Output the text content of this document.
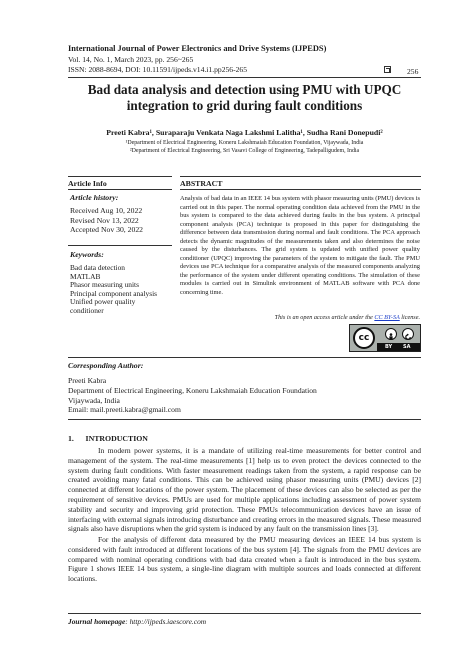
International Journal of Power Electronics and Drive Systems (IJPEDS)
Vol. 14, No. 1, March 2023, pp. 256~265
ISSN: 2088-8694, DOI: 10.11591/ijpeds.v14.i1.pp256-265	256
Bad data analysis and detection using PMU with UPQC
integration to grid during fault conditions
Preeti Kabra¹, Suraparaju Venkata Naga Lakshmi Lalitha¹, Sudha Rani Donepudi²
¹Department of Electrical Engineering, Koneru Lakshmaiah Education Foundation, Vijaywada, India
²Department of Electrical Engineering, Sri Vasavi College of Engineering, Tadepalligudem, India
Article Info
Article history:
Received Aug 10, 2022
Revised Nov 13, 2022
Accepted Nov 30, 2022
Keywords:
Bad data detection
MATLAB
Phasor measuring units
Principal component analysis
Unified power quality
conditioner
ABSTRACT
Analysis of bad data in an IEEE 14 bus system with phasor measuring units (PMU) devices is carried out in this paper. The normal operating condition data achieved from the PMU in the bus system is compared to the data achieved during faults in the bus system. A principal component analysis (PCA) technique is proposed in this paper for distinguishing the difference between data transmission during normal and fault conditions. The PCA approach detects the dynamic magnitudes of the measurements taken and also determines the noise caused by the disturbances. The grid system is updated with unified power quality conditioner (UPQC) improving the parameters of the system to mitigate the fault. The PMU devices use PCA technique for a comparative analysis of the measured components analyzing the performance of the system under different operating conditions. The simulation of these modules is carried out in Simulink environment of MATLAB software with PCA done concerning time.
This is an open access article under the CC BY-SA license.
cc
BY SA
Corresponding Author:
Preeti Kabra
Department of Electrical Engineering, Koneru Lakshmaiah Education Foundation
Vijaywada, India
Email: mail.preeti.kabra@gmail.com
1.      INTRODUCTION
In modern power systems, it is a mandate of utilizing real-time measurements for better control and management of the system. The real-time measurements [1] help us to even protect the devices connected to the system during fault conditions. With faster measurement readings taken from the system, a rapid response can be created avoiding many fatal conditions. This can be achieved using phasor measuring units (PMU) devices [2] connected at different locations of the power system. The placement of these devices can also be selected as per the requirement of sensitive devices. PMUs are used for multiple applications including assessment of power system stability and security and improving grid protection. These PMUs telecommunication devices have an issue of interfacing with external signals introducing disturbance and creating errors in the measured signals. These measured signals also have disruptions when the grid system is induced by any fault on the transmission lines [3].
For the analysis of different data measured by the PMU measuring devices an IEEE 14 bus system is considered with fault introduced at different locations of the bus system [4]. The signals from the PMU devices are compared with nominal operating conditions with bad data created when a fault is introduced in the bus system. Figure 1 shows IEEE 14 bus system, a single-line diagram with multiple sources and loads connected at different locations.
Journal homepage: http://ijpeds.iaescore.com
